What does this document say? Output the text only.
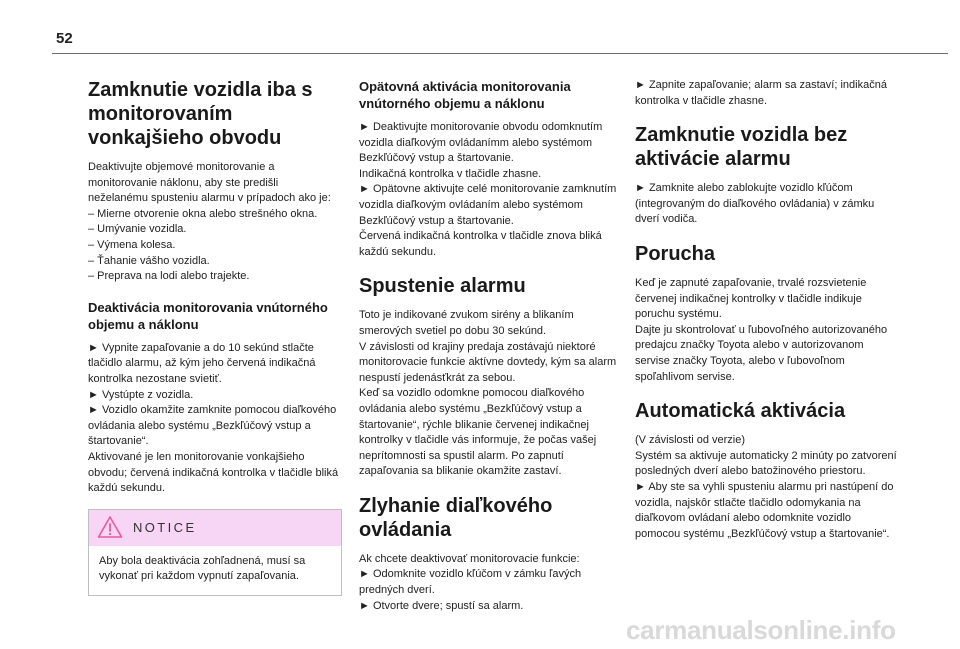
52
Zamknutie vozidla iba s monitorovaním vonkajšieho obvodu

Deaktivujte objemové monitorovanie a monitorovanie náklonu, aby ste predišli neželanému spusteniu alarmu v prípadoch ako je:

– Mierne otvorenie okna alebo strešného okna.

– Umývanie vozidla.

– Výmena kolesa.

– Ťahanie vášho vozidla.

– Preprava na lodi alebo trajekte.

Deaktivácia monitorovania vnútorného objemu a náklonu

► Vypnite zapaľovanie a do 10 sekúnd stlačte tlačidlo alarmu, až kým jeho červená indikačná kontrolka nezostane svietiť.

► Vystúpte z vozidla.

► Vozidlo okamžite zamknite pomocou diaľkového ovládania alebo systému „Bezkľúčový vstup a štartovanie“.

Aktivované je len monitorovanie vonkajšieho obvodu; červená indikačná kontrolka v tlačidle bliká každú sekundu.

NOTICE

Aby bola deaktivácia zohľadnená, musí sa vykonať pri každom vypnutí zapaľovania.

Opätovná aktivácia monitorovania vnútorného objemu a náklonu

► Deaktivujte monitorovanie obvodu odomknutím vozidla diaľkovým ovládanímm alebo systémom Bezkľúčový vstup a štartovanie.

Indikačná kontrolka v tlačidle zhasne.

► Opätovne aktivujte celé monitorovanie zamknutím vozidla diaľkovým ovládaním alebo systémom Bezkľúčový vstup a štartovanie.

Červená indikačná kontrolka v tlačidle znova bliká každú sekundu.

Spustenie alarmu

Toto je indikované zvukom sirény a blikaním smerových svetiel po dobu 30 sekúnd.

V závislosti od krajiny predaja zostávajú niektoré monitorovacie funkcie aktívne dovtedy, kým sa alarm nespustí jedenásťkrát za sebou.

Keď sa vozidlo odomkne pomocou diaľkového ovládania alebo systému „Bezkľúčový vstup a štartovanie“, rýchle blikanie červenej indikačnej kontrolky v tlačidle vás informuje, že počas vašej neprítomnosti sa spustil alarm. Po zapnutí zapaľovania sa blikanie okamžite zastaví.

Zlyhanie diaľkového ovládania

Ak chcete deaktivovať monitorovacie funkcie:

► Odomknite vozidlo kľúčom v zámku ľavých predných dverí.

► Otvorte dvere; spustí sa alarm.

► Zapnite zapaľovanie; alarm sa zastaví; indikačná kontrolka v tlačidle zhasne.

Zamknutie vozidla bez aktivácie alarmu

► Zamknite alebo zablokujte vozidlo kľúčom (integrovaným do diaľkového ovládania) v zámku dverí vodiča.

Porucha

Keď je zapnuté zapaľovanie, trvalé rozsvietenie červenej indikačnej kontrolky v tlačidle indikuje poruchu systému.

Dajte ju skontrolovať u ľubovoľného autorizovaného predajcu značky Toyota alebo v autorizovanom servise značky Toyota, alebo v ľubovoľnom spoľahlivom servise.

Automatická aktivácia

(V závislosti od verzie)

Systém sa aktivuje automaticky 2 minúty po zatvorení posledných dverí alebo batožinového priestoru.

► Aby ste sa vyhli spusteniu alarmu pri nastúpení do vozidla, najskôr stlačte tlačidlo odomykania na diaľkovom ovládaní alebo odomknite vozidlo pomocou systému „Bezkľúčový vstup a štartovanie“.

carmanualsonline.info
